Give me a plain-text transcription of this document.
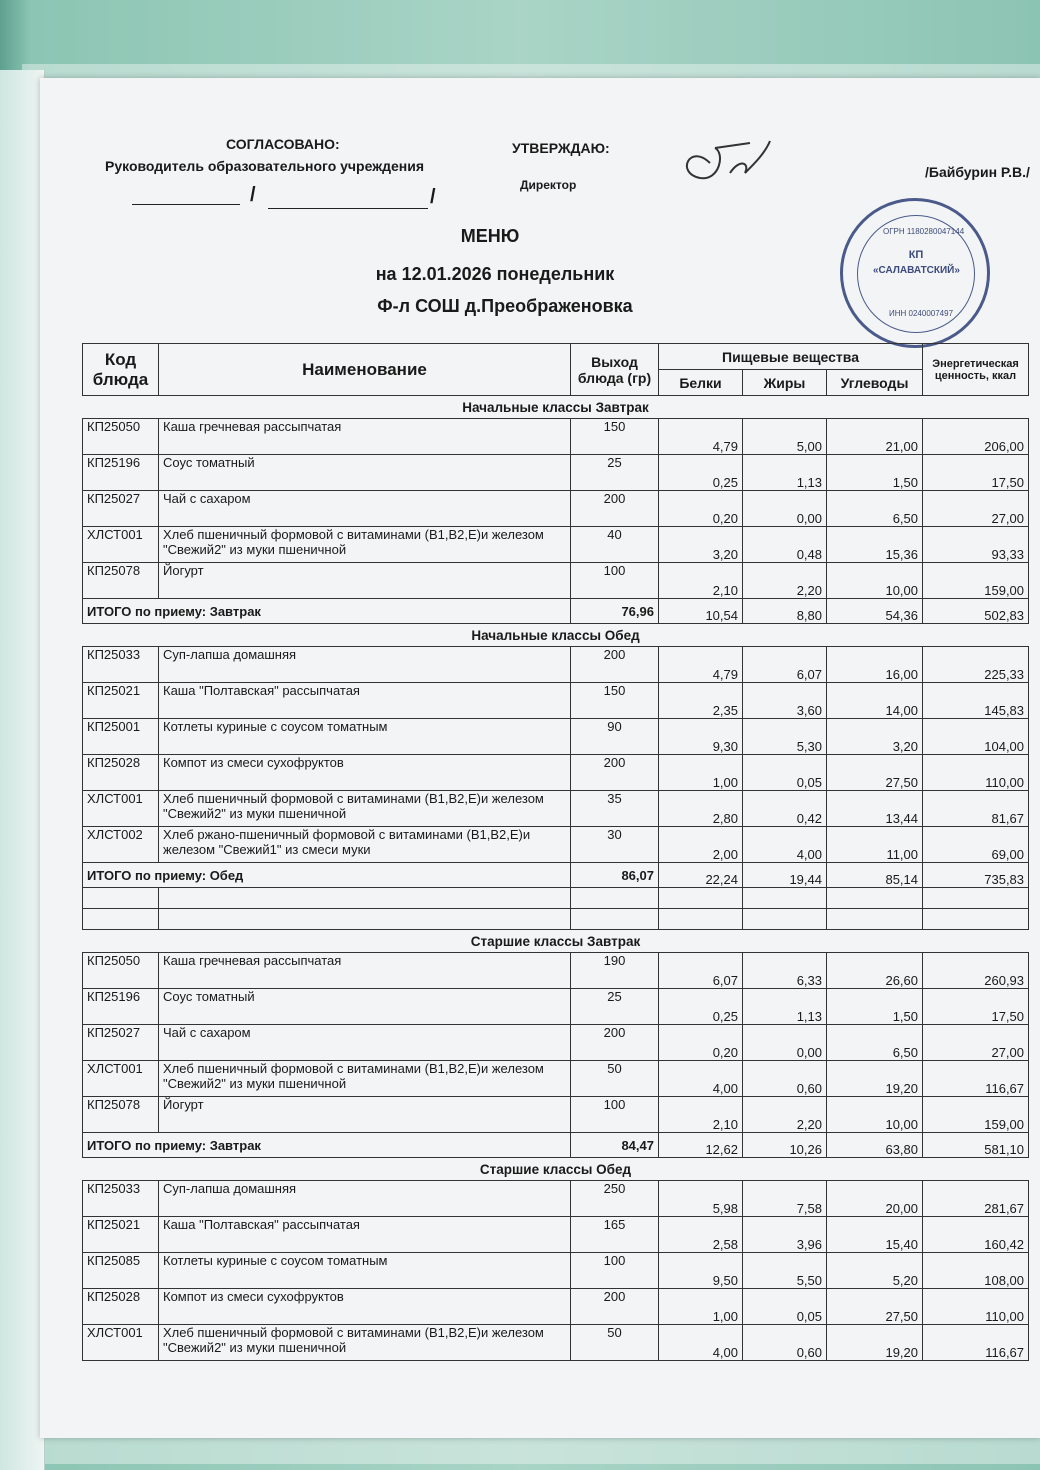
СОГЛАСОВАНО:
Руководитель образовательного учреждения
/	/
УТВЕРЖДАЮ:
Директор
/Байбурин Р.В./
МЕНЮ
на 12.01.2026 понедельник
Ф-л СОШ д.Преображеновка
ОГРН 1180280047144
КП
«САЛАВАТСКИЙ»
ИНН 0240007497
Код блюда	Наименование	Выход блюда (гр)	Пищевые вещества			Энергетическая ценность, ккал
			Белки	Жиры	Углеводы	
Начальные классы Завтрак						
КП25050	Каша гречневая рассыпчатая	150	4,79	5,00	21,00	206,00
КП25196	Соус томатный	25	0,25	1,13	1,50	17,50
КП25027	Чай с сахаром	200	0,20	0,00	6,50	27,00
ХЛСТ001	Хлеб пшеничный формовой с витаминами (В1,В2,Е)и железом "Свежий2" из муки пшеничной	40	3,20	0,48	15,36	93,33
КП25078	Йогурт	100	2,10	2,20	10,00	159,00
ИТОГО по приему: Завтрак		76,96	10,54	8,80	54,36	502,83
Начальные классы Обед						
КП25033	Суп-лапша домашняя	200	4,79	6,07	16,00	225,33
КП25021	Каша "Полтавская" рассыпчатая	150	2,35	3,60	14,00	145,83
КП25001	Котлеты куриные с соусом томатным	90	9,30	5,30	3,20	104,00
КП25028	Компот из смеси сухофруктов	200	1,00	0,05	27,50	110,00
ХЛСТ001	Хлеб пшеничный формовой с витаминами (В1,В2,Е)и железом "Свежий2" из муки пшеничной	35	2,80	0,42	13,44	81,67
ХЛСТ002	Хлеб ржано-пшеничный формовой с витаминами (В1,В2,Е)и железом "Свежий1" из смеси муки	30	2,00	4,00	11,00	69,00
ИТОГО по приему: Обед		86,07	22,24	19,44	85,14	735,83

Старшие классы Завтрак						
КП25050	Каша гречневая рассыпчатая	190	6,07	6,33	26,60	260,93
КП25196	Соус томатный	25	0,25	1,13	1,50	17,50
КП25027	Чай с сахаром	200	0,20	0,00	6,50	27,00
ХЛСТ001	Хлеб пшеничный формовой с витаминами (В1,В2,Е)и железом "Свежий2" из муки пшеничной	50	4,00	0,60	19,20	116,67
КП25078	Йогурт	100	2,10	2,20	10,00	159,00
ИТОГО по приему: Завтрак		84,47	12,62	10,26	63,80	581,10
Старшие классы Обед						
КП25033	Суп-лапша домашняя	250	5,98	7,58	20,00	281,67
КП25021	Каша "Полтавская" рассыпчатая	165	2,58	3,96	15,40	160,42
КП25085	Котлеты куриные с соусом томатным	100	9,50	5,50	5,20	108,00
КП25028	Компот из смеси сухофруктов	200	1,00	0,05	27,50	110,00
ХЛСТ001	Хлеб пшеничный формовой с витаминами (В1,В2,Е)и железом "Свежий2" из муки пшеничной	50	4,00	0,60	19,20	116,67
